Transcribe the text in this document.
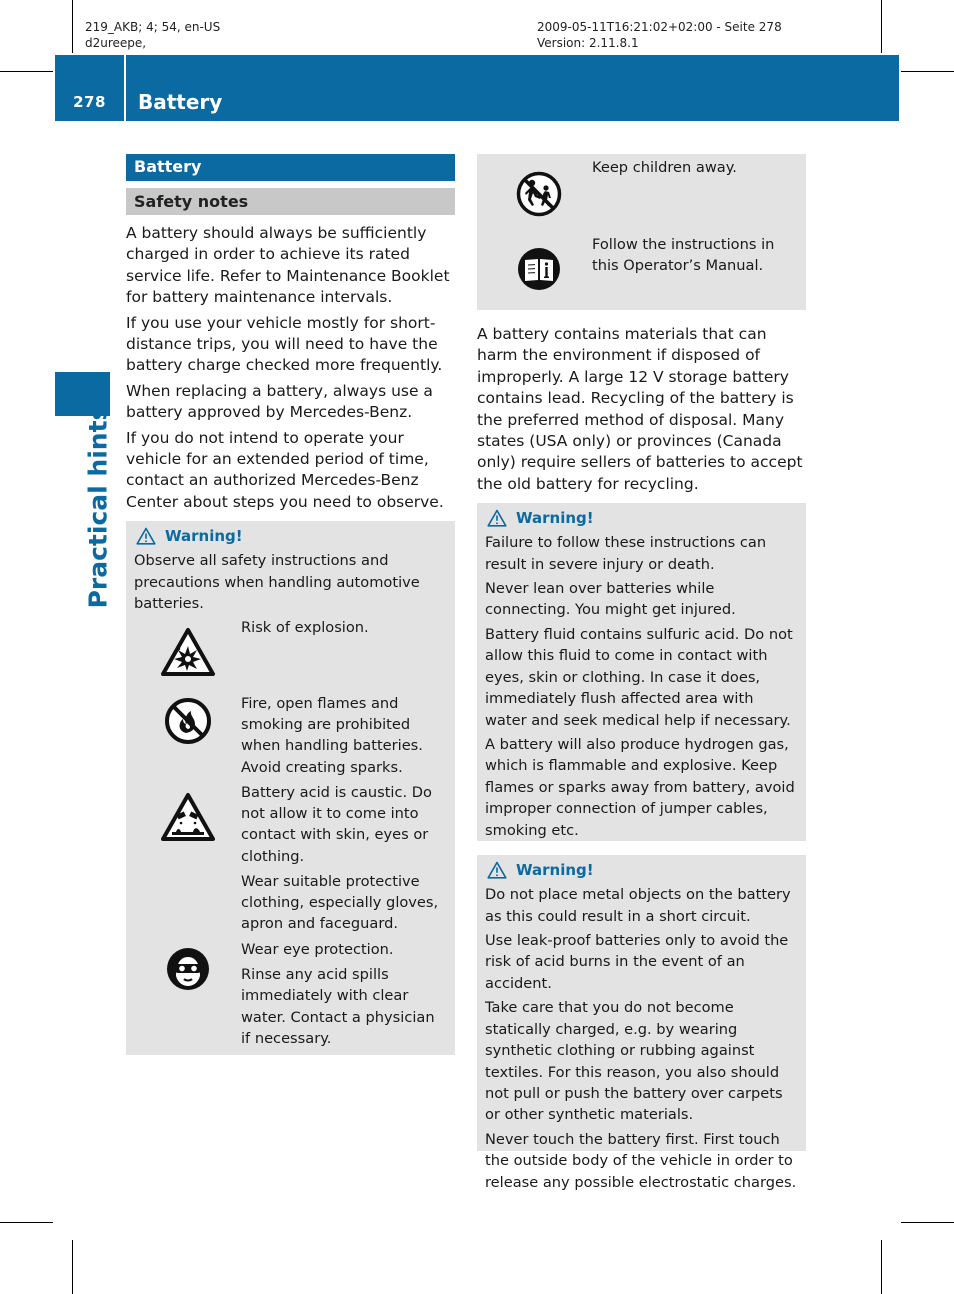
219_AKB; 4; 54, en-US
d2ureepe,
2009-05-11T16:21:02+02:00 - Seite 278
Version: 2.11.8.1
278	Battery
Practical hints
Battery
Safety notes

A battery should always be sufficiently charged in order to achieve its rated service life. Refer to Maintenance Booklet for battery maintenance intervals.

If you use your vehicle mostly for short-distance trips, you will need to have the battery charge checked more frequently.

When replacing a battery, always use a battery approved by Mercedes-Benz.

If you do not intend to operate your vehicle for an extended period of time, contact an authorized Mercedes-Benz Center about steps you need to observe.

Warning!

Observe all safety instructions and precautions when handling automotive batteries.

Risk of explosion.
Fire, open flames and smoking are prohibited when handling batteries. Avoid creating sparks.
Battery acid is caustic. Do not allow it to come into contact with skin, eyes or clothing.
Wear suitable protective clothing, especially gloves, apron and faceguard.
Wear eye protection.
Rinse any acid spills immediately with clear water. Contact a physician if necessary.
Keep children away.
Follow the instructions in this Operator’s Manual.

A battery contains materials that can harm the environment if disposed of improperly. A large 12 V storage battery contains lead. Recycling of the battery is the preferred method of disposal. Many states (USA only) or provinces (Canada only) require sellers of batteries to accept the old battery for recycling.

Warning!

Failure to follow these instructions can result in severe injury or death.

Never lean over batteries while connecting. You might get injured.

Battery fluid contains sulfuric acid. Do not allow this fluid to come in contact with eyes, skin or clothing. In case it does, immediately flush affected area with water and seek medical help if necessary.

A battery will also produce hydrogen gas, which is flammable and explosive. Keep flames or sparks away from battery, avoid improper connection of jumper cables, smoking etc.

Warning!

Do not place metal objects on the battery as this could result in a short circuit.

Use leak-proof batteries only to avoid the risk of acid burns in the event of an accident.

Take care that you do not become statically charged, e.g. by wearing synthetic clothing or rubbing against textiles. For this reason, you also should not pull or push the battery over carpets or other synthetic materials.

Never touch the battery first. First touch the outside body of the vehicle in order to release any possible electrostatic charges.
